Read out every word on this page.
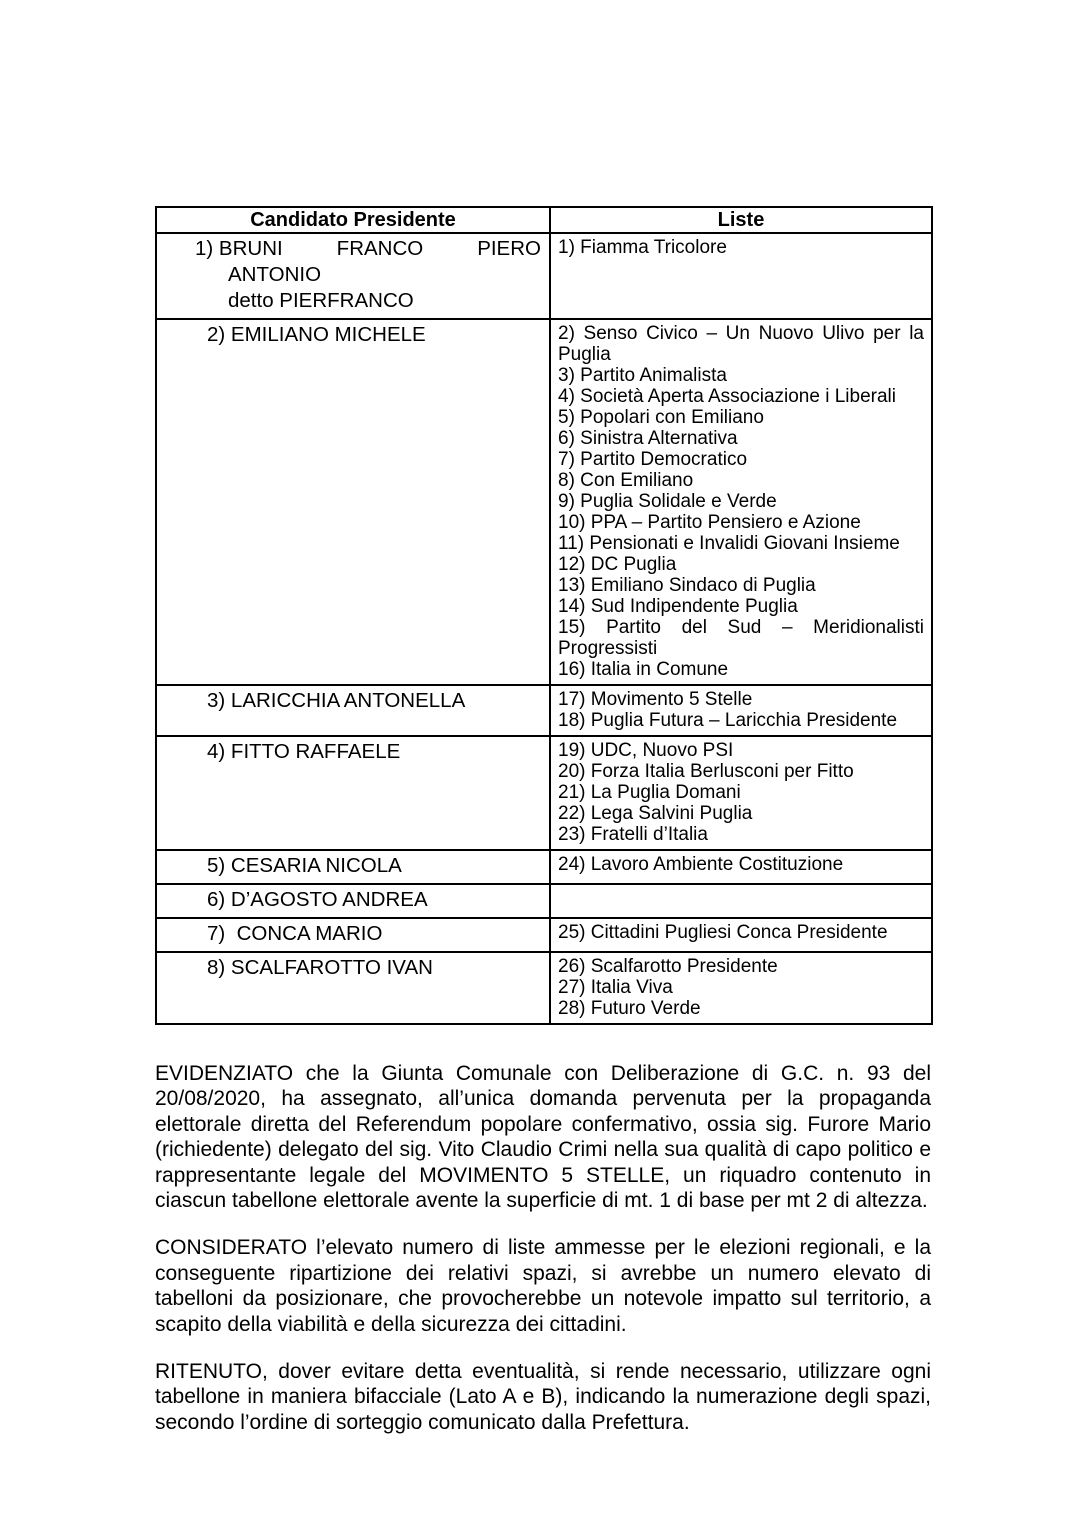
Candidato Presidente	Liste

1) BRUNI FRANCO PIERO
ANTONIO
detto PIERFRANCO	1) Fiamma Tricolore

2) EMILIANO MICHELE	2) Senso Civico – Un Nuovo Ulivo per la Puglia
3) Partito Animalista
4) Società Aperta Associazione i Liberali
5) Popolari con Emiliano
6) Sinistra Alternativa
7) Partito Democratico
8) Con Emiliano
9) Puglia Solidale e Verde
10) PPA – Partito Pensiero e Azione
11) Pensionati e Invalidi Giovani Insieme
12) DC Puglia
13) Emiliano Sindaco di Puglia
14) Sud Indipendente Puglia
15) Partito del Sud – Meridionalisti Progressisti
16) Italia in Comune

3) LARICCHIA ANTONELLA	17) Movimento 5 Stelle
18) Puglia Futura – Laricchia Presidente

4) FITTO RAFFAELE	19) UDC, Nuovo PSI
20) Forza Italia Berlusconi per Fitto
21) La Puglia Domani
22) Lega Salvini Puglia
23) Fratelli d’Italia

5) CESARIA NICOLA	24) Lavoro Ambiente Costituzione

6) D’AGOSTO ANDREA	

7)  CONCA MARIO	25) Cittadini Pugliesi Conca Presidente

8) SCALFAROTTO IVAN	26) Scalfarotto Presidente
27) Italia Viva
28) Futuro Verde

EVIDENZIATO che la Giunta Comunale con Deliberazione di G.C. n. 93 del 20/08/2020, ha assegnato, all’unica domanda pervenuta per la propaganda elettorale diretta del Referendum popolare confermativo, ossia sig. Furore Mario (richiedente) delegato del sig. Vito Claudio Crimi nella sua qualità di capo politico e rappresentante legale del MOVIMENTO 5 STELLE, un riquadro contenuto in ciascun tabellone elettorale avente la superficie di mt. 1 di base per mt 2 di altezza.

CONSIDERATO l’elevato numero di liste ammesse per le elezioni regionali, e la conseguente ripartizione dei relativi spazi, si avrebbe un numero elevato di tabelloni da posizionare, che provocherebbe un notevole impatto sul territorio, a scapito della viabilità e della sicurezza dei cittadini.

RITENUTO, dover evitare detta eventualità, si rende necessario, utilizzare ogni tabellone in maniera bifacciale (Lato A e B), indicando la numerazione degli spazi, secondo l’ordine di sorteggio comunicato dalla Prefettura.
